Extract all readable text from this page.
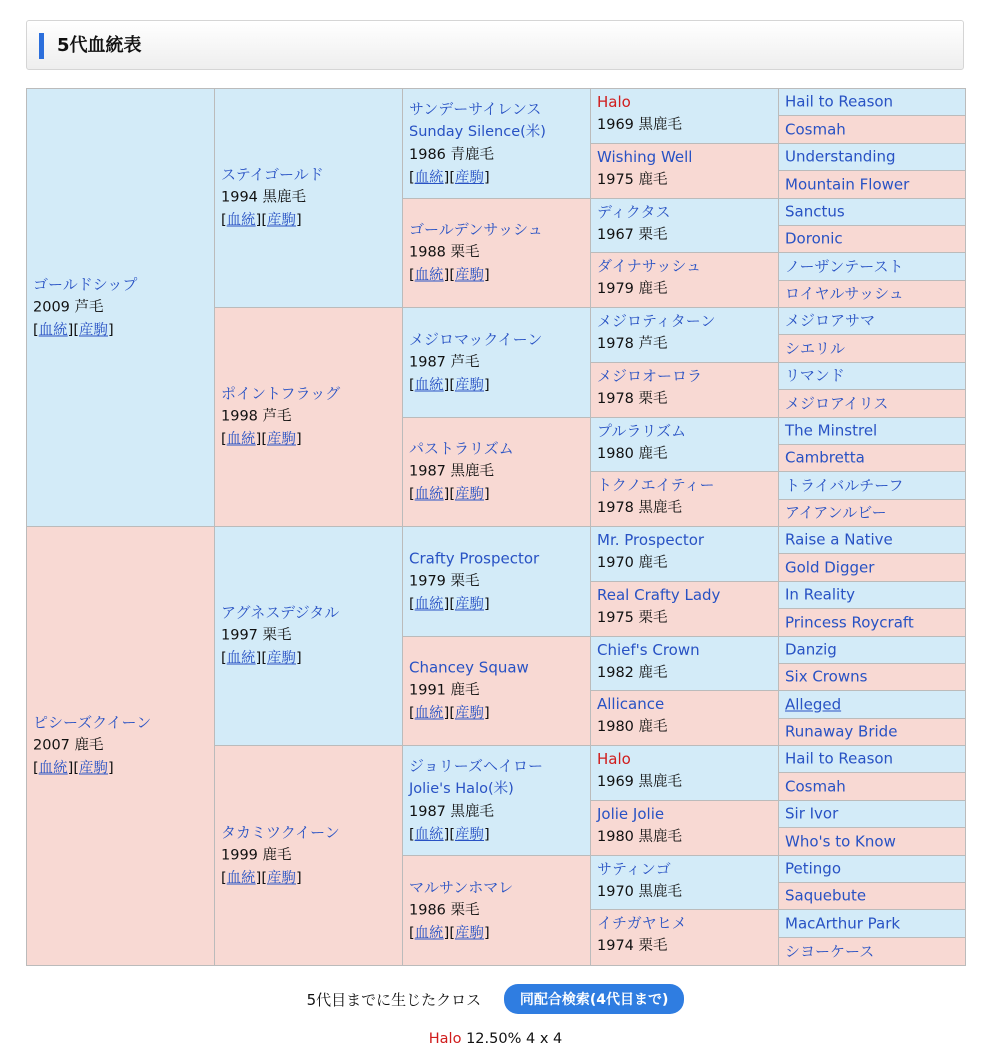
5代血統表
ゴールドシップ
2009 芦毛
[血統][産駒]
ピシーズクイーン
2007 鹿毛
[血統][産駒]
ステイゴールド
1994 黒鹿毛
[血統][産駒]
ポイントフラッグ
1998 芦毛
[血統][産駒]
アグネスデジタル
1997 栗毛
[血統][産駒]
タカミツクイーン
1999 鹿毛
[血統][産駒]
サンデーサイレンス
Sunday Silence(米)
1986 青鹿毛
[血統][産駒]
ゴールデンサッシュ
1988 栗毛
[血統][産駒]
メジロマックイーン
1987 芦毛
[血統][産駒]
パストラリズム
1987 黒鹿毛
[血統][産駒]
Crafty Prospector
1979 栗毛
[血統][産駒]
Chancey Squaw
1991 鹿毛
[血統][産駒]
ジョリーズヘイロー
Jolie's Halo(米)
1987 黒鹿毛
[血統][産駒]
マルサンホマレ
1986 栗毛
[血統][産駒]
Halo
1969 黒鹿毛
Wishing Well
1975 鹿毛
ディクタス
1967 栗毛
ダイナサッシュ
1979 鹿毛
メジロティターン
1978 芦毛
メジロオーロラ
1978 栗毛
プルラリズム
1980 鹿毛
トクノエイティー
1978 黒鹿毛
Mr. Prospector
1970 鹿毛
Real Crafty Lady
1975 栗毛
Chief's Crown
1982 鹿毛
Allicance
1980 鹿毛
Halo
1969 黒鹿毛
Jolie Jolie
1980 黒鹿毛
サティンゴ
1970 黒鹿毛
イチガヤヒメ
1974 栗毛
Hail to Reason
Cosmah
Understanding
Mountain Flower
Sanctus
Doronic
ノーザンテースト
ロイヤルサッシュ
メジロアサマ
シエリル
リマンド
メジロアイリス
The Minstrel
Cambretta
トライバルチーフ
アイアンルビー
Raise a Native
Gold Digger
In Reality
Princess Roycraft
Danzig
Six Crowns
Alleged
Runaway Bride
Hail to Reason
Cosmah
Sir Ivor
Who's to Know
Petingo
Saquebute
MacArthur Park
シヨーケース
5代目までに生じたクロス	同配合検索(4代目まで)
Halo 12.50% 4 x 4
